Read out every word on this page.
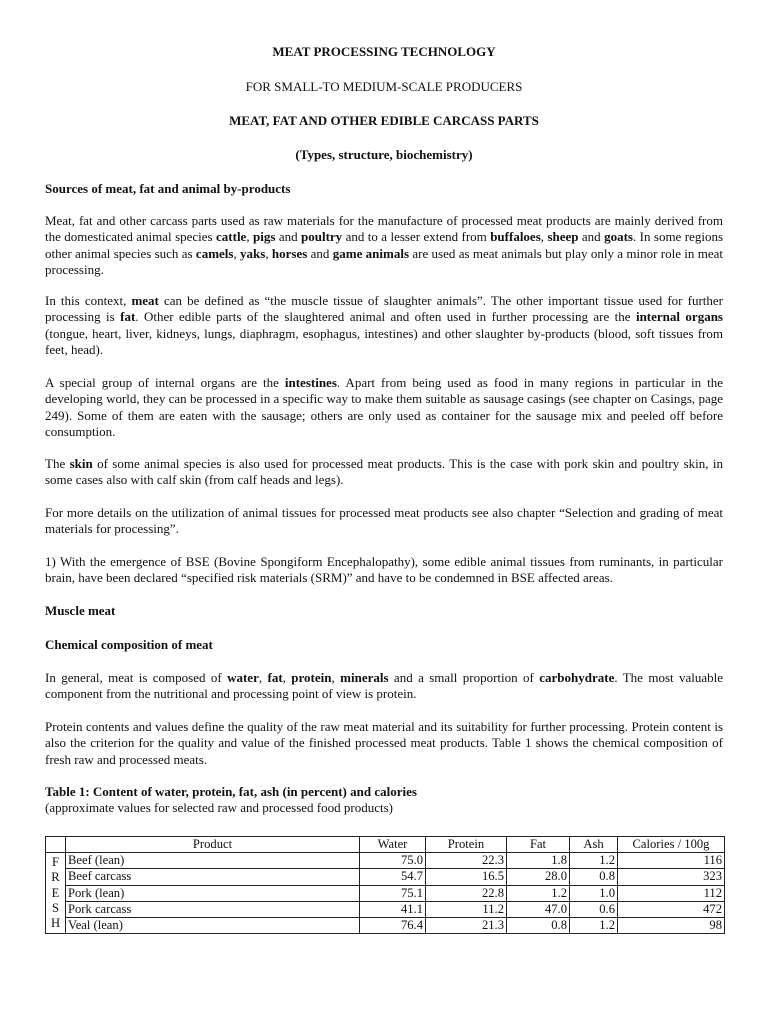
MEAT PROCESSING TECHNOLOGY
FOR SMALL-TO MEDIUM-SCALE PRODUCERS
MEAT, FAT AND OTHER EDIBLE CARCASS PARTS
(Types, structure, biochemistry)
Sources of meat, fat and animal by-products
Meat, fat and other carcass parts used as raw materials for the manufacture of processed meat products are mainly derived from the domesticated animal species cattle, pigs and poultry and to a lesser extend from buffaloes, sheep and goats. In some regions other animal species such as camels, yaks, horses and game animals are used as meat animals but play only a minor role in meat processing.
In this context, meat can be defined as “the muscle tissue of slaughter animals”. The other important tissue used for further processing is fat. Other edible parts of the slaughtered animal and often used in further processing are the internal organs (tongue, heart, liver, kidneys, lungs, diaphragm, esophagus, intestines) and other slaughter by-products (blood, soft tissues from feet, head).
A special group of internal organs are the intestines. Apart from being used as food in many regions in particular in the developing world, they can be processed in a specific way to make them suitable as sausage casings (see chapter on Casings, page 249). Some of them are eaten with the sausage; others are only used as container for the sausage mix and peeled off before consumption.
The skin of some animal species is also used for processed meat products. This is the case with pork skin and poultry skin, in some cases also with calf skin (from calf heads and legs).
For more details on the utilization of animal tissues for processed meat products see also chapter “Selection and grading of meat materials for processing”.
1) With the emergence of BSE (Bovine Spongiform Encephalopathy), some edible animal tissues from ruminants, in particular brain, have been declared “specified risk materials (SRM)” and have to be condemned in BSE affected areas.
Muscle meat
Chemical composition of meat
In general, meat is composed of water, fat, protein, minerals and a small proportion of carbohydrate. The most valuable component from the nutritional and processing point of view is protein.
Protein contents and values define the quality of the raw meat material and its suitability for further processing. Protein content is also the criterion for the quality and value of the finished processed meat products. Table 1 shows the chemical composition of fresh raw and processed meats.
Table 1: Content of water, protein, fat, ash (in percent) and calories
(approximate values for selected raw and processed food products)
	Product	Water	Protein	Fat	Ash	Calories / 100g

F
R
E
S
H	Beef (lean)	75.0	22.3	1.8	1.2	116
	Beef carcass	54.7	16.5	28.0	0.8	323
	Pork (lean)	75.1	22.8	1.2	1.0	112
	Pork carcass	41.1	11.2	47.0	0.6	472
	Veal (lean)	76.4	21.3	0.8	1.2	98
